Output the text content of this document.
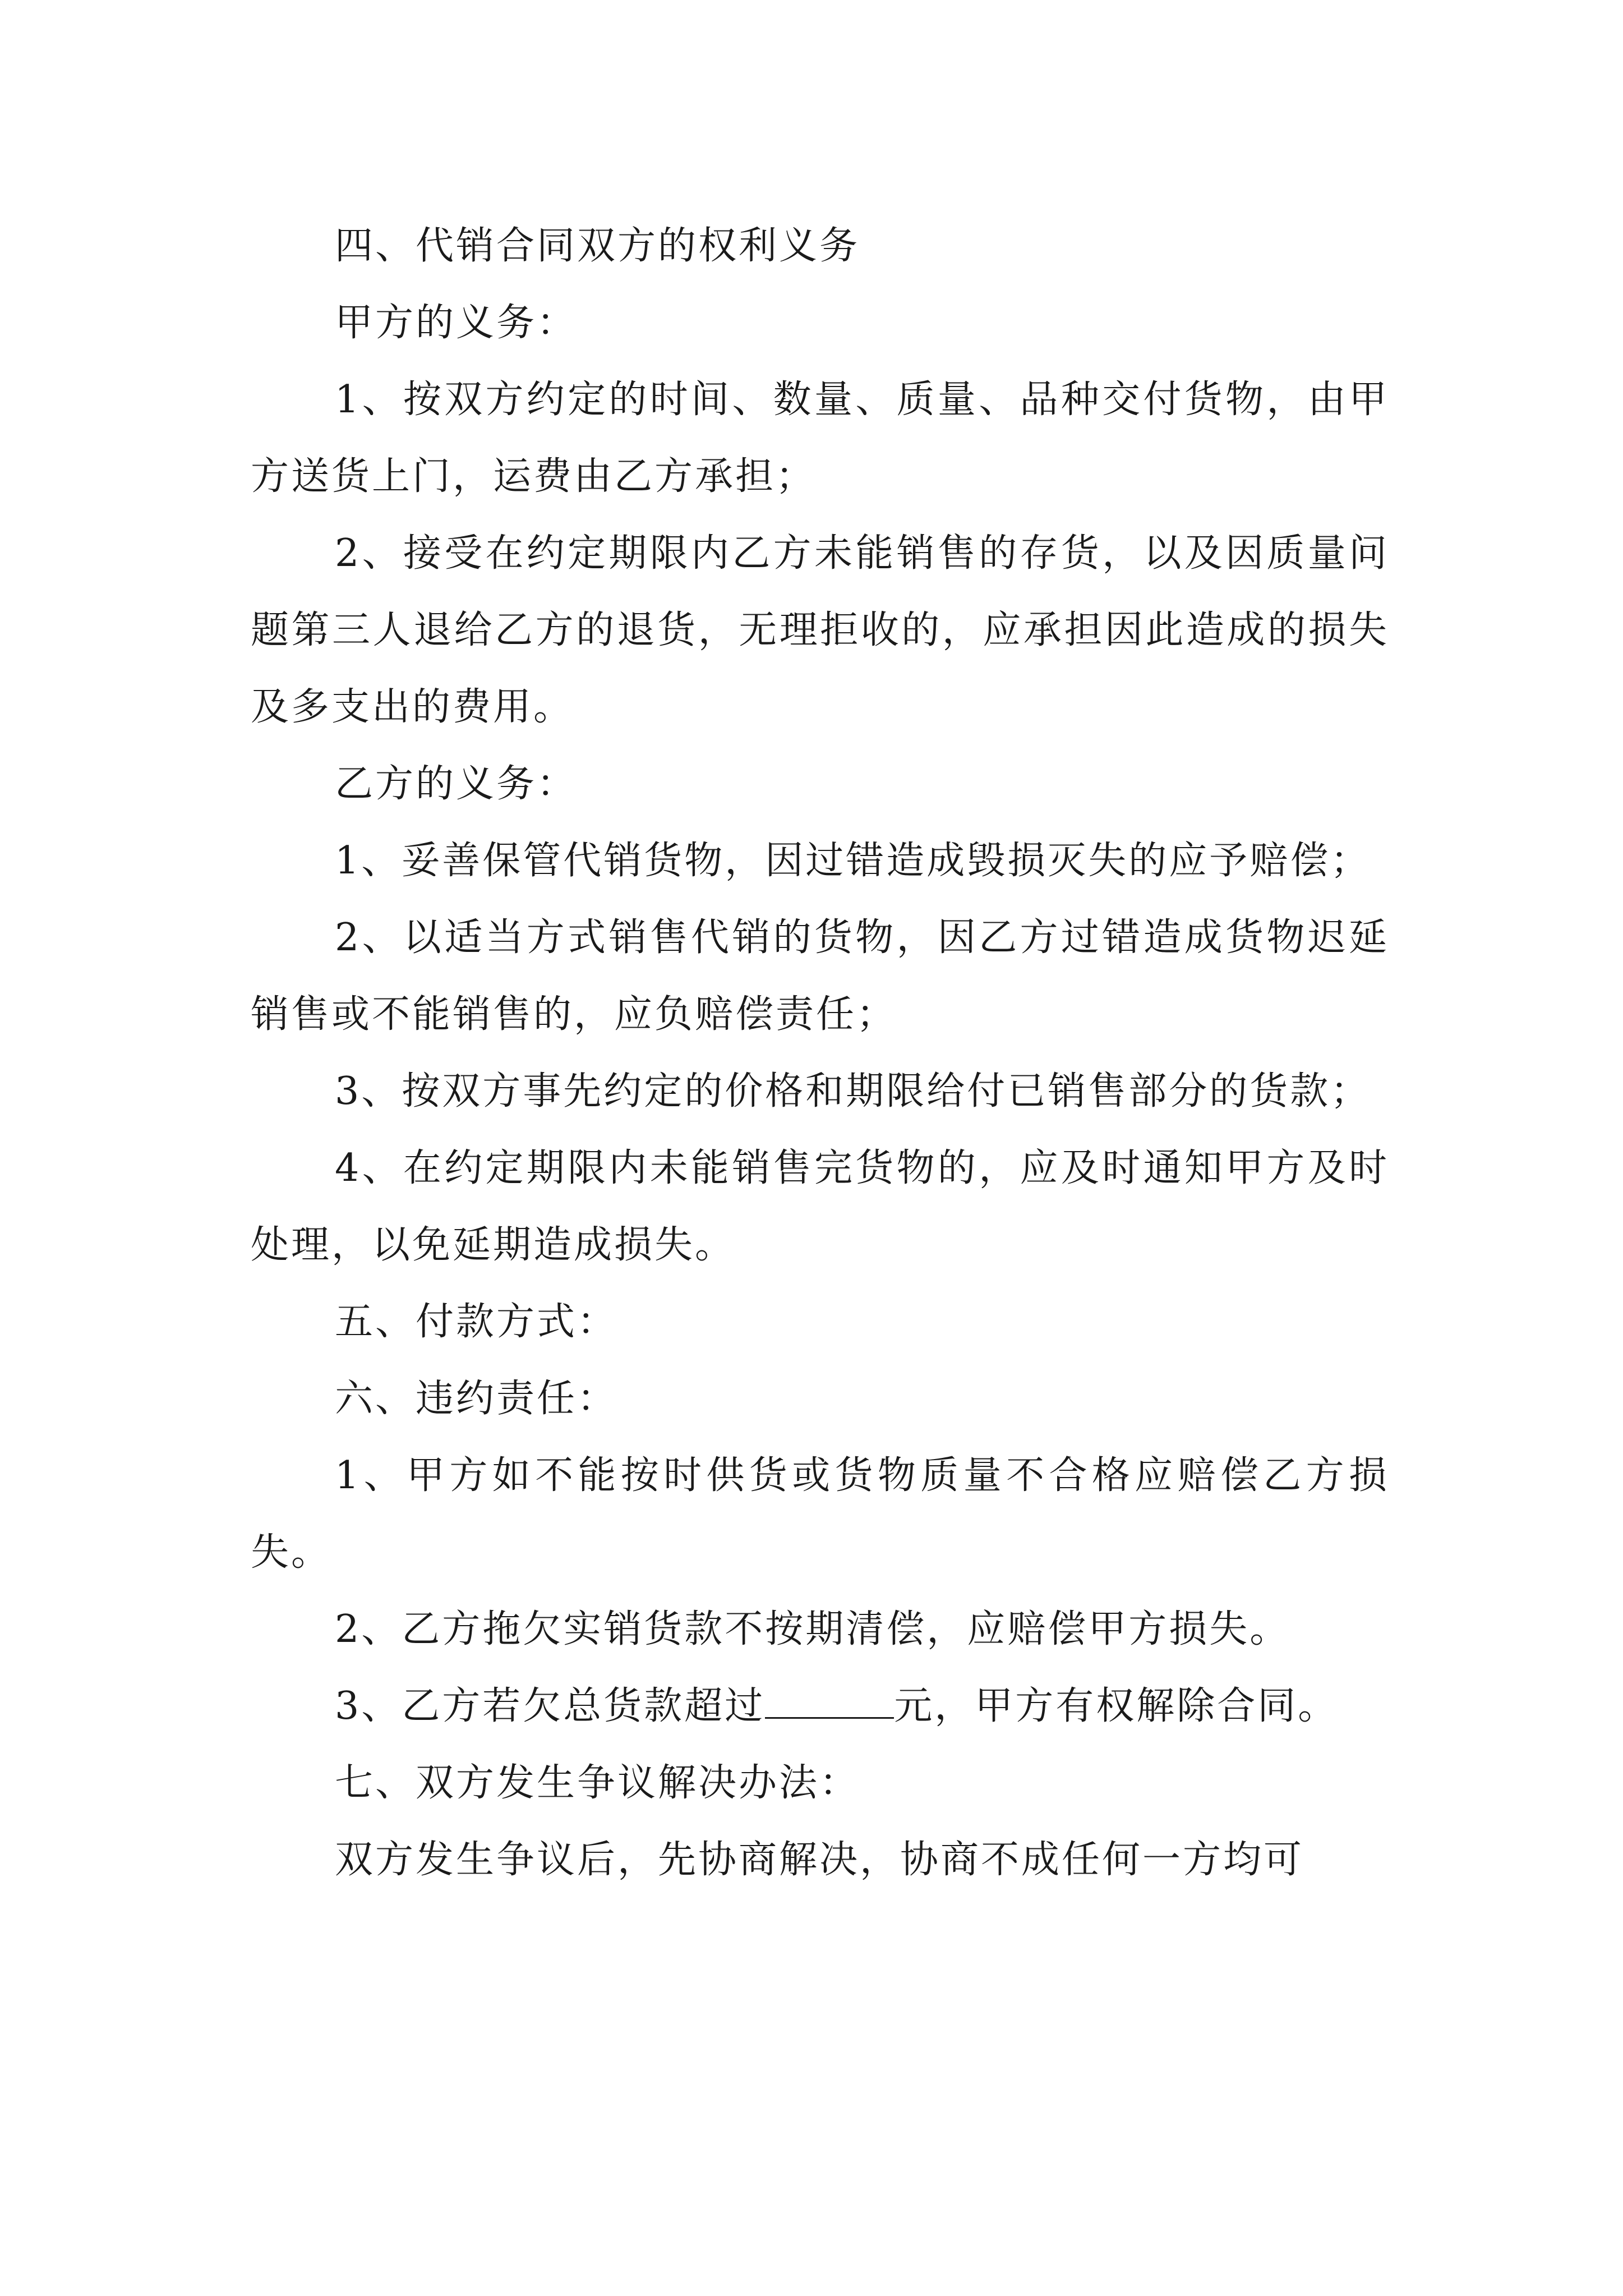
四、代销合同双方的权利义务

甲方的义务：

1、按双方约定的时间、数量、质量、品种交付货物，由甲方送货上门，运费由乙方承担；

2、接受在约定期限内乙方未能销售的存货，以及因质量问题第三人退给乙方的退货，无理拒收的，应承担因此造成的损失及多支出的费用。

乙方的义务：

1、妥善保管代销货物，因过错造成毁损灭失的应予赔偿；

2、以适当方式销售代销的货物，因乙方过错造成货物迟延销售或不能销售的，应负赔偿责任；

3、按双方事先约定的价格和期限给付已销售部分的货款；

4、在约定期限内未能销售完货物的，应及时通知甲方及时处理，以免延期造成损失。

五、付款方式：

六、违约责任：

1、甲方如不能按时供货或货物质量不合格应赔偿乙方损失。

2、乙方拖欠实销货款不按期清偿，应赔偿甲方损失。

3、乙方若欠总货款超过	元，甲方有权解除合同。

七、双方发生争议解决办法：

双方发生争议后，先协商解决，协商不成任何一方均可
